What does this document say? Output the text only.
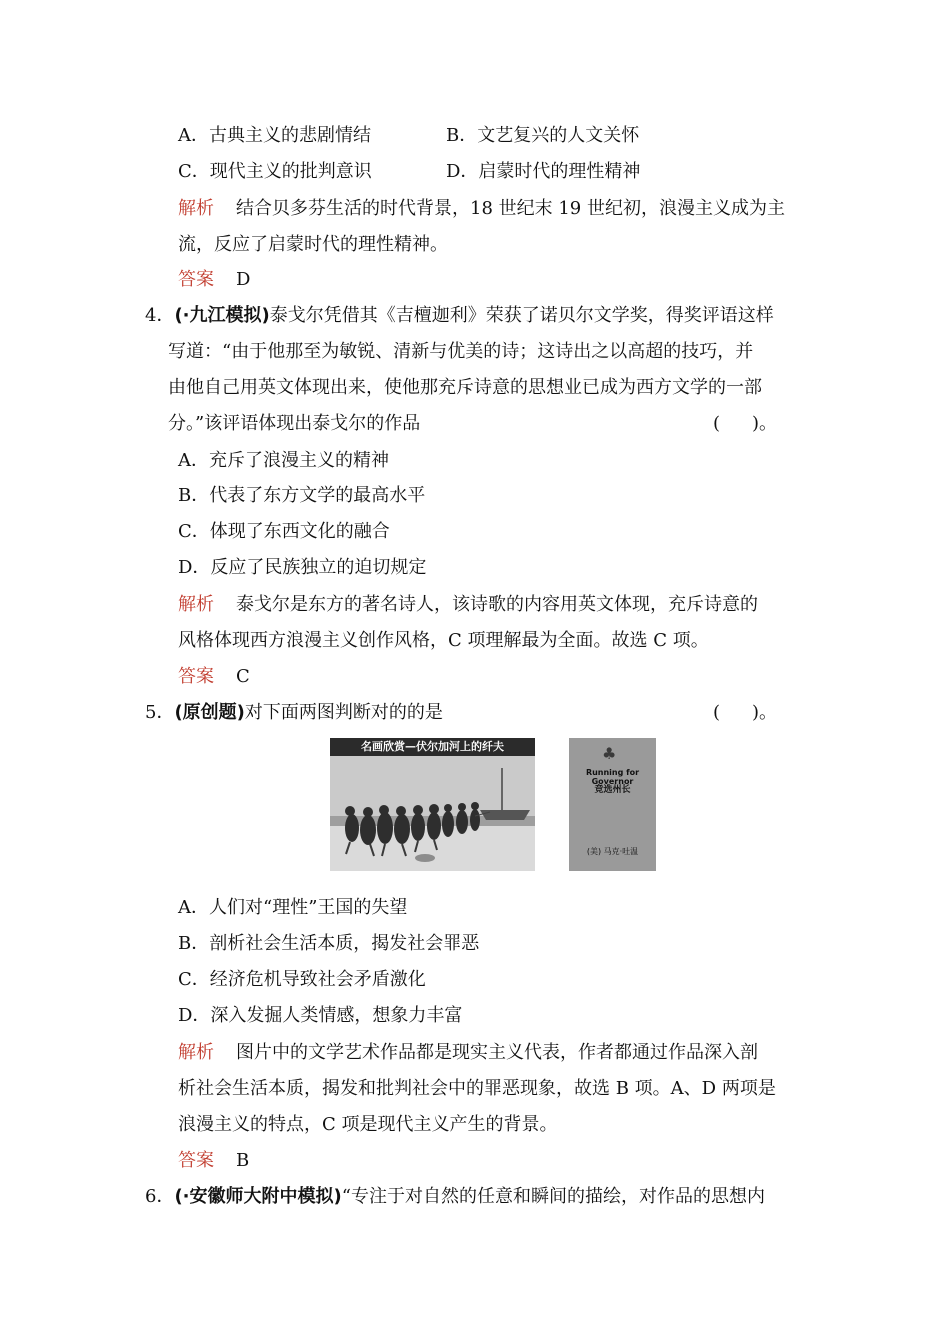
A．古典主义的悲剧情结	B．文艺复兴的人文关怀
C．现代主义的批判意识	D．启蒙时代的理性精神
解析 结合贝多芬生活的时代背景，18 世纪末 19 世纪初，浪漫主义成为主
流，反应了启蒙时代的理性精神。
答案 D
4．(·九江模拟)泰戈尔凭借其《吉檀迦利》荣获了诺贝尔文学奖，得奖评语这样
写道：“由于他那至为敏锐、清新与优美的诗；这诗出之以高超的技巧，并
由他自己用英文体现出来，使他那充斥诗意的思想业已成为西方文学的一部
分。”该评语体现出泰戈尔的作品	( )。
A．充斥了浪漫主义的精神
B．代表了东方文学的最高水平
C．体现了东西文化的融合
D．反应了民族独立的迫切规定
解析 泰戈尔是东方的著名诗人，该诗歌的内容用英文体现，充斥诗意的
风格体现西方浪漫主义创作风格，C 项理解最为全面。故选 C 项。
答案 C
5．(原创题)对下面两图判断对的的是	( )。
名画欣赏—伏尔加河上的纤夫	♣
Running for Governor
竞选州长
(美) 马克·吐温
A．人们对“理性”王国的失望
B．剖析社会生活本质，揭发社会罪恶
C．经济危机导致社会矛盾激化
D．深入发掘人类情感，想象力丰富
解析 图片中的文学艺术作品都是现实主义代表，作者都通过作品深入剖
析社会生活本质，揭发和批判社会中的罪恶现象，故选 B 项。A、D 两项是
浪漫主义的特点，C 项是现代主义产生的背景。
答案 B
6．(·安徽师大附中模拟)“专注于对自然的任意和瞬间的描绘，对作品的思想内
